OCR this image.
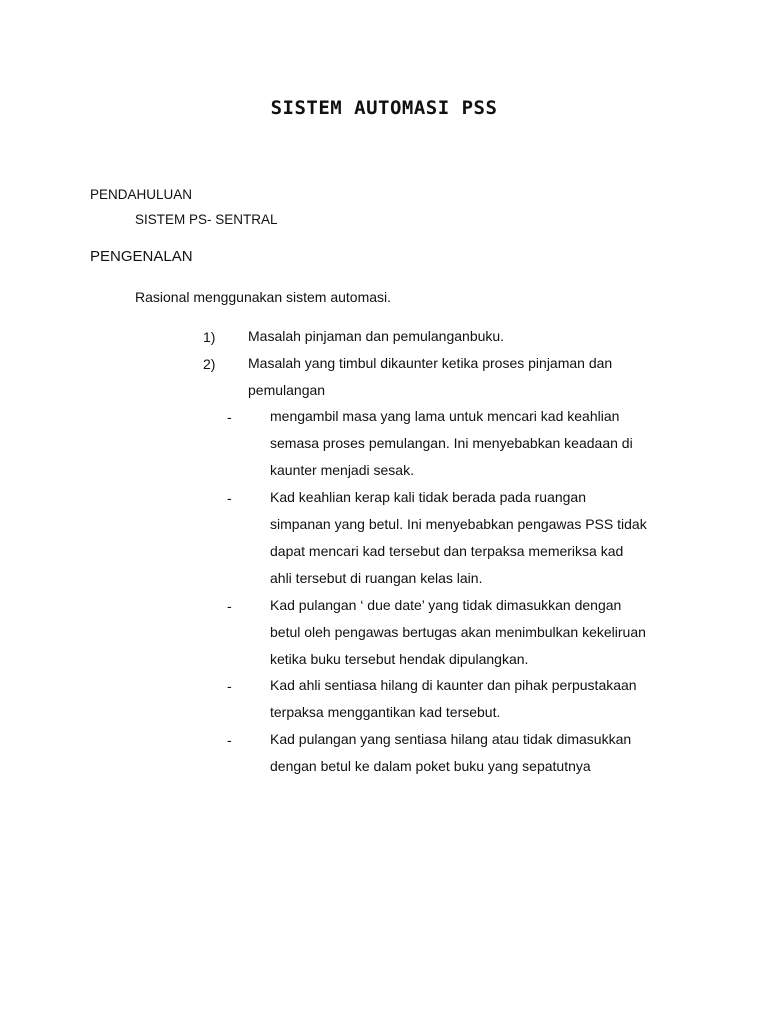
SISTEM AUTOMASI PSS
PENDAHULUAN
SISTEM PS- SENTRAL
PENGENALAN
Rasional menggunakan sistem automasi.
1) Masalah pinjaman dan pemulanganbuku.
2) Masalah yang timbul dikaunter ketika proses pinjaman dan
pemulangan
-	mengambil masa yang lama untuk mencari kad keahlian
semasa proses pemulangan. Ini menyebabkan keadaan di
kaunter menjadi sesak.
-	Kad keahlian kerap kali tidak berada pada ruangan
simpanan yang betul. Ini menyebabkan pengawas PSS tidak
dapat mencari kad tersebut dan terpaksa memeriksa kad
ahli tersebut di ruangan kelas lain.
-	Kad pulangan ‘ due date’ yang tidak dimasukkan dengan
betul oleh pengawas bertugas akan menimbulkan kekeliruan
ketika buku tersebut hendak dipulangkan.
-	Kad ahli sentiasa hilang di kaunter dan pihak perpustakaan
terpaksa menggantikan kad tersebut.
-	Kad pulangan yang sentiasa hilang atau tidak dimasukkan
dengan betul ke dalam poket buku yang sepatutnya
